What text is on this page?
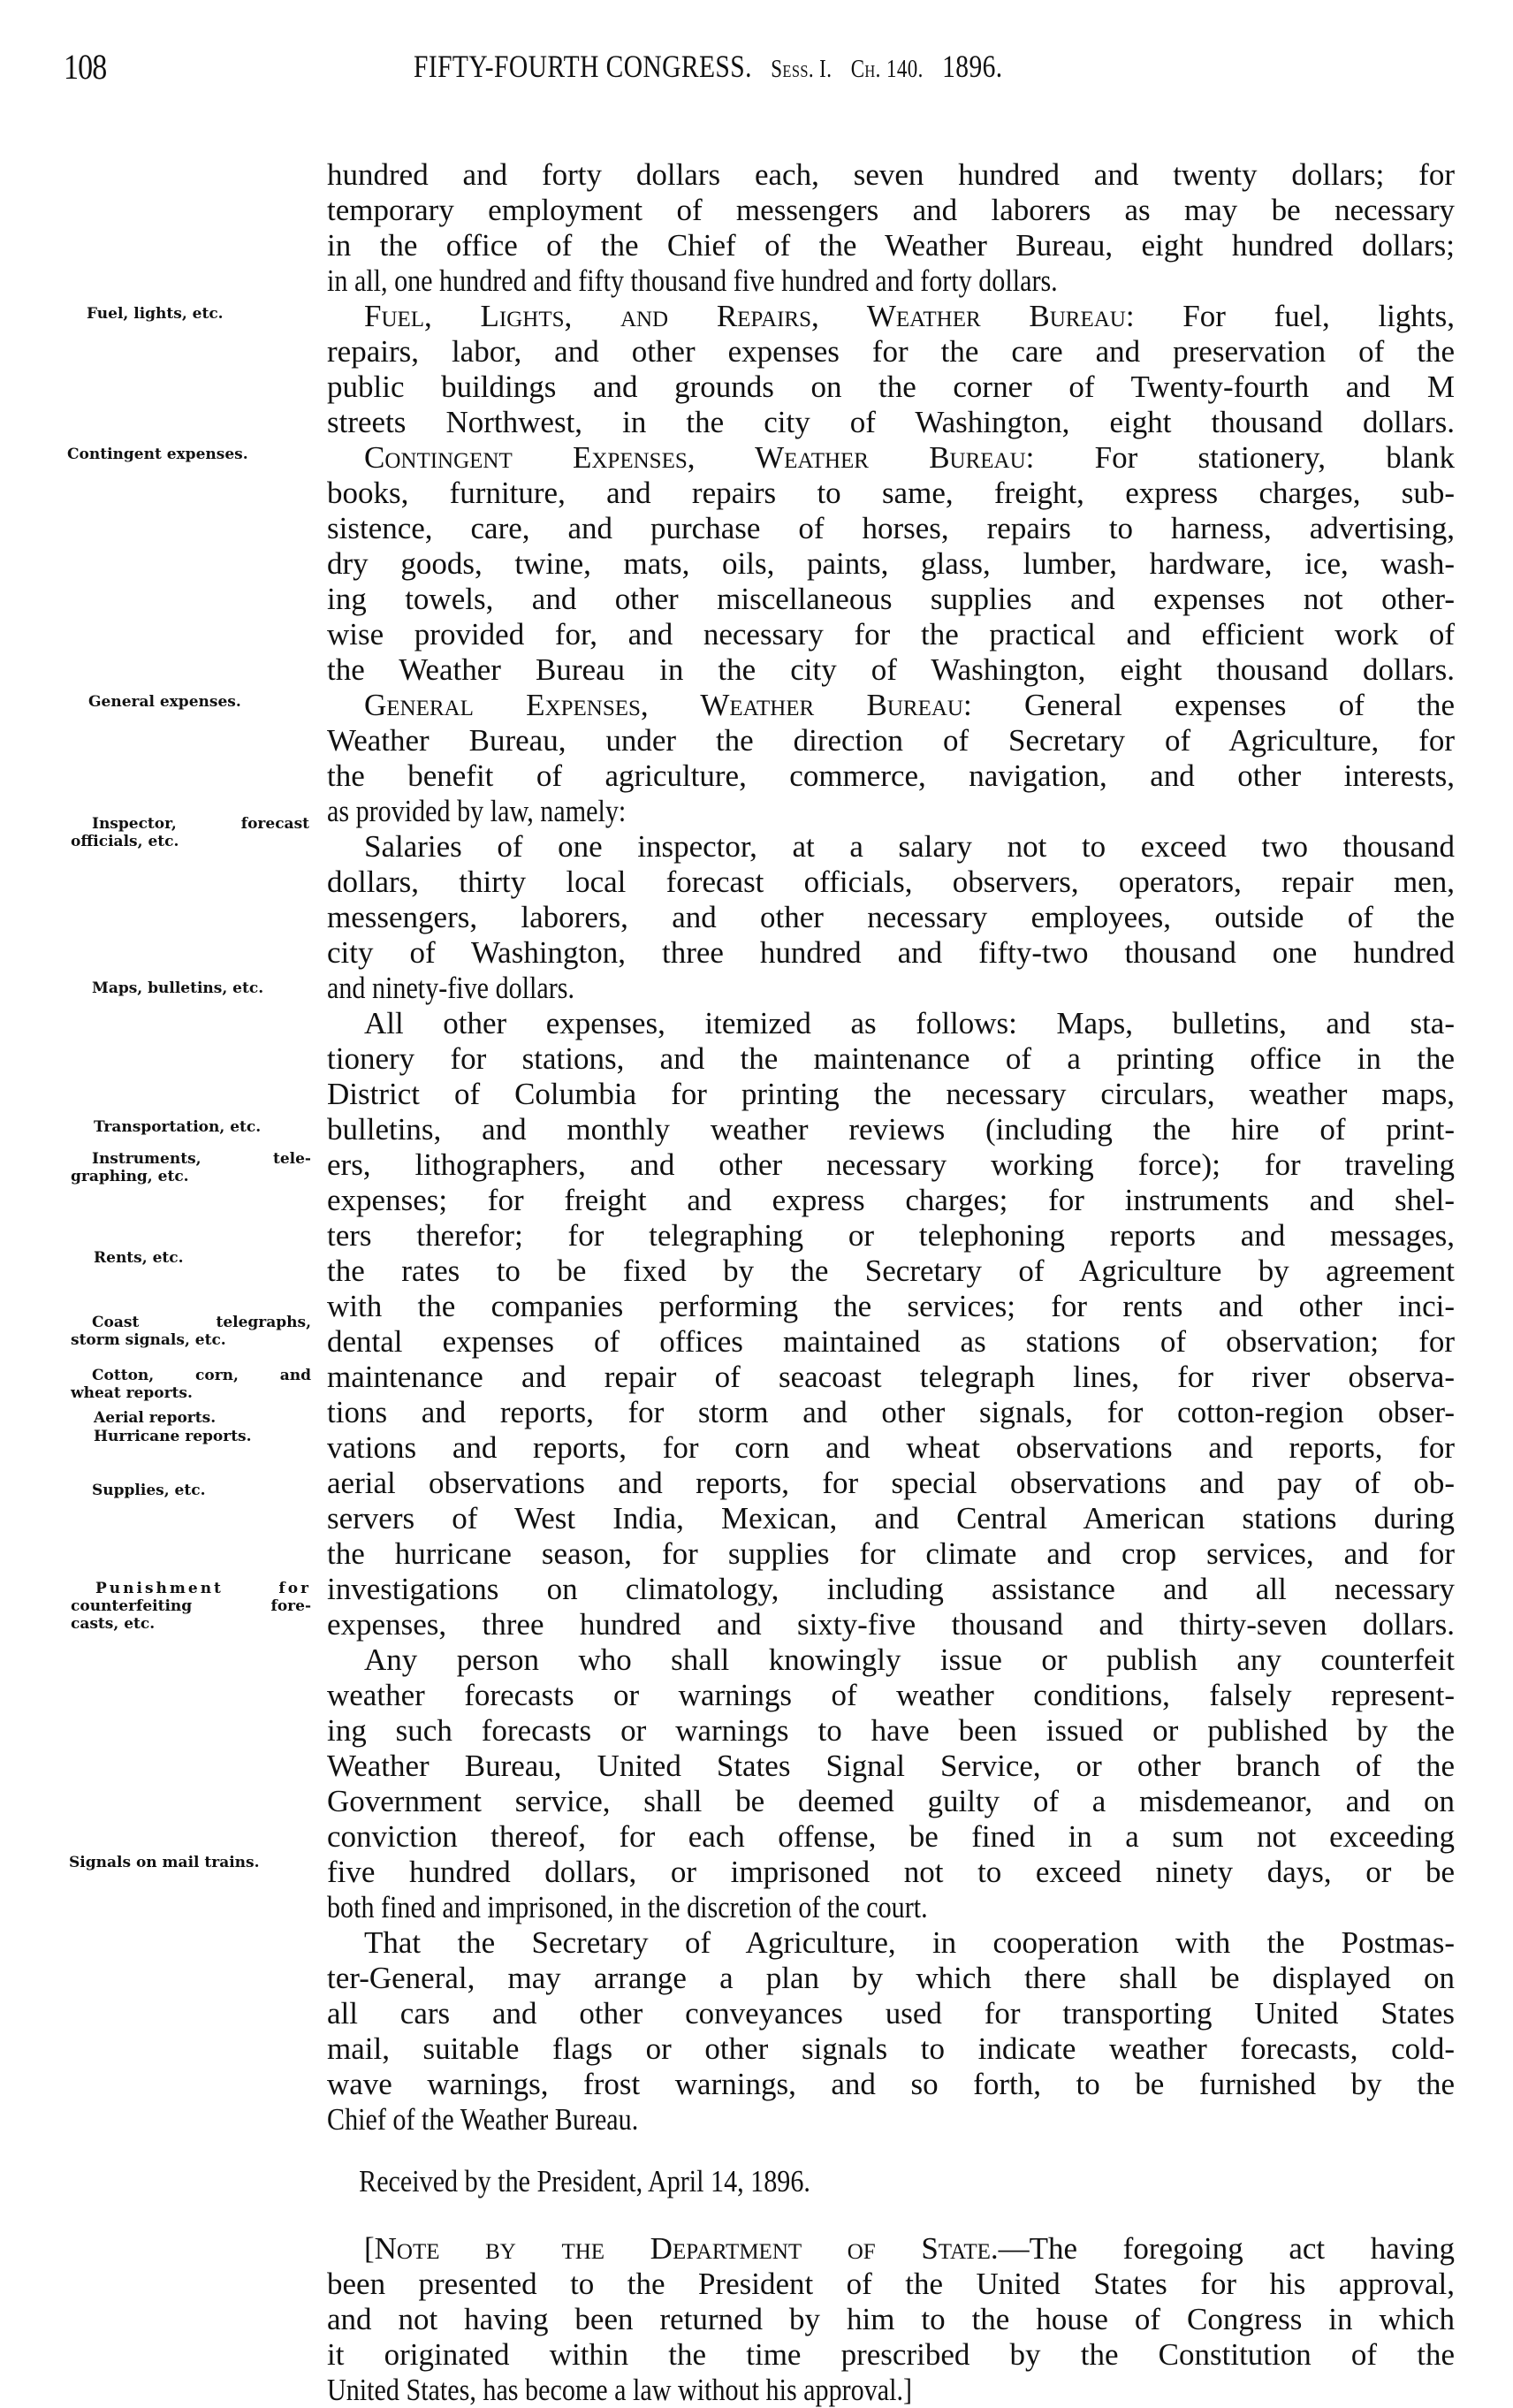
108	FIFTY-FOURTH CONGRESS. Sess. I. Ch. 140. 1896.
Fuel, lights, etc.
Contingent expenses.
General expenses.
Inspector, forecast
officials, etc.
Maps, bulletins, etc.
Transportation, etc.
Instruments, tele-
graphing, etc.
Rents, etc.
Coast telegraphs,
storm signals, etc.
Cotton, corn, and
wheat reports.
Aerial reports.
Hurricane reports.
Supplies, etc.
Punishment for
counterfeiting fore-
casts, etc.
Signals on mail trains.
hundred and forty dollars each, seven hundred and twenty dollars; for
temporary employment of messengers and laborers as may be necessary
in the office of the Chief of the Weather Bureau, eight hundred dollars;
in all, one hundred and fifty thousand five hundred and forty dollars.
Fuel, Lights, and Repairs, Weather Bureau: For fuel, lights,
repairs, labor, and other expenses for the care and preservation of the
public buildings and grounds on the corner of Twenty-fourth and M
streets Northwest, in the city of Washington, eight thousand dollars.
Contingent Expenses, Weather Bureau: For stationery, blank
books, furniture, and repairs to same, freight, express charges, sub-
sistence, care, and purchase of horses, repairs to harness, advertising,
dry goods, twine, mats, oils, paints, glass, lumber, hardware, ice, wash-
ing towels, and other miscellaneous supplies and expenses not other-
wise provided for, and necessary for the practical and efficient work of
the Weather Bureau in the city of Washington, eight thousand dollars.
General Expenses, Weather Bureau: General expenses of the
Weather Bureau, under the direction of Secretary of Agriculture, for
the benefit of agriculture, commerce, navigation, and other interests,
as provided by law, namely:
Salaries of one inspector, at a salary not to exceed two thousand
dollars, thirty local forecast officials, observers, operators, repair men,
messengers, laborers, and other necessary employees, outside of the
city of Washington, three hundred and fifty-two thousand one hundred
and ninety-five dollars.
All other expenses, itemized as follows: Maps, bulletins, and sta-
tionery for stations, and the maintenance of a printing office in the
District of Columbia for printing the necessary circulars, weather maps,
bulletins, and monthly weather reviews (including the hire of print-
ers, lithographers, and other necessary working force); for traveling
expenses; for freight and express charges; for instruments and shel-
ters therefor; for telegraphing or telephoning reports and messages,
the rates to be fixed by the Secretary of Agriculture by agreement
with the companies performing the services; for rents and other inci-
dental expenses of offices maintained as stations of observation; for
maintenance and repair of seacoast telegraph lines, for river observa-
tions and reports, for storm and other signals, for cotton-region obser-
vations and reports, for corn and wheat observations and reports, for
aerial observations and reports, for special observations and pay of ob-
servers of West India, Mexican, and Central American stations during
the hurricane season, for supplies for climate and crop services, and for
investigations on climatology, including assistance and all necessary
expenses, three hundred and sixty-five thousand and thirty-seven dollars.
Any person who shall knowingly issue or publish any counterfeit
weather forecasts or warnings of weather conditions, falsely represent-
ing such forecasts or warnings to have been issued or published by the
Weather Bureau, United States Signal Service, or other branch of the
Government service, shall be deemed guilty of a misdemeanor, and on
conviction thereof, for each offense, be fined in a sum not exceeding
five hundred dollars, or imprisoned not to exceed ninety days, or be
both fined and imprisoned, in the discretion of the court.
That the Secretary of Agriculture, in cooperation with the Postmas-
ter-General, may arrange a plan by which there shall be displayed on
all cars and other conveyances used for transporting United States
mail, suitable flags or other signals to indicate weather forecasts, cold-
wave warnings, frost warnings, and so forth, to be furnished by the
Chief of the Weather Bureau.
Received by the President, April 14, 1896.
[Note by the Department of State.—The foregoing act having
been presented to the President of the United States for his approval,
and not having been returned by him to the house of Congress in which
it originated within the time prescribed by the Constitution of the
United States, has become a law without his approval.]
